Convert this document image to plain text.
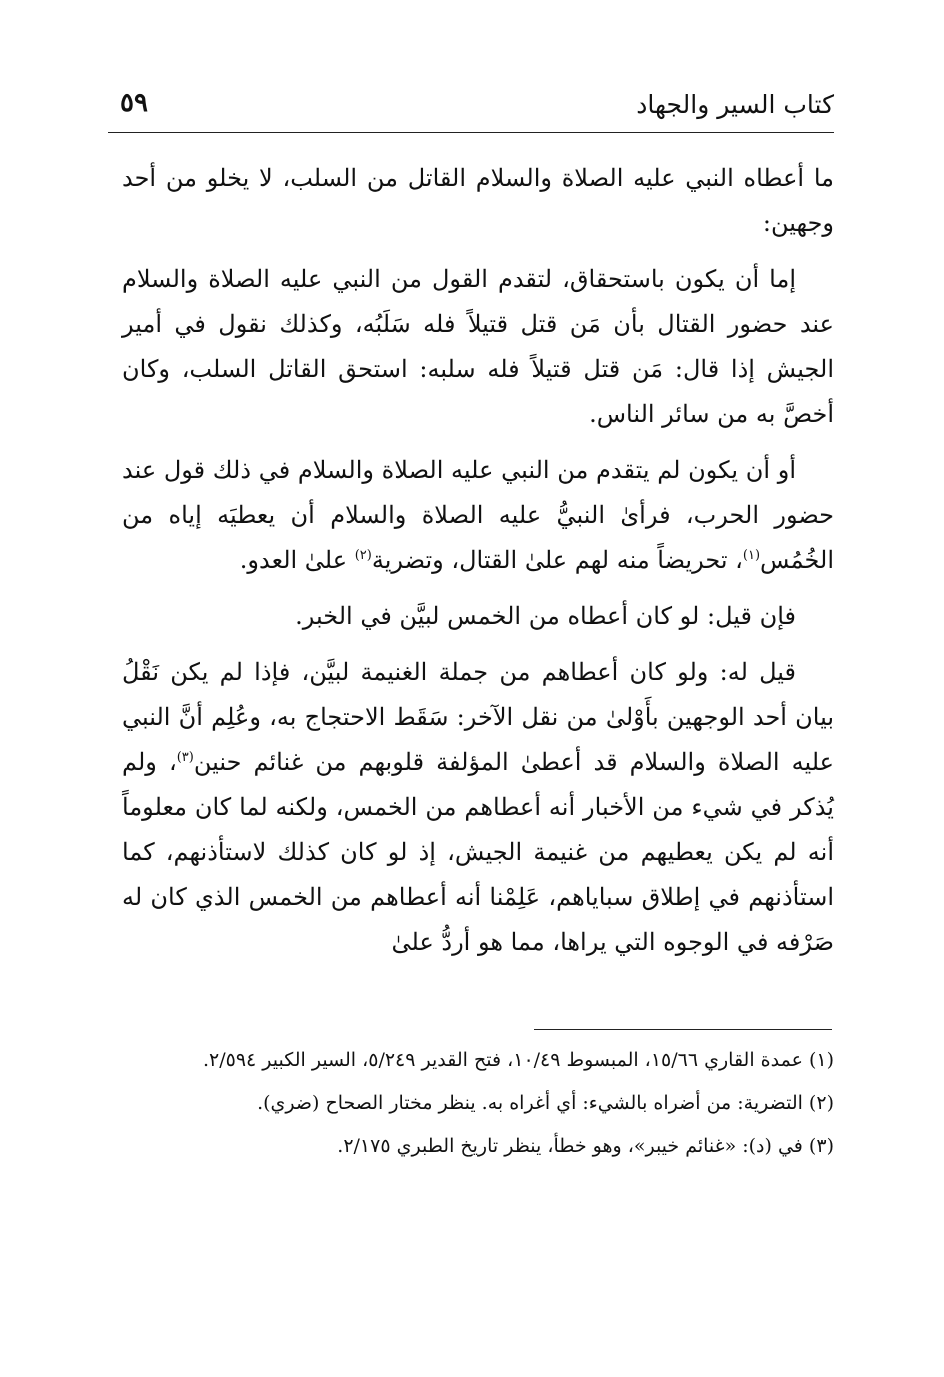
كتاب السير والجهاد
٥٩

ما أعطاه النبي عليه الصلاة والسلام القاتل من السلب، لا يخلو من أحد وجهين:

إما أن يكون باستحقاق، لتقدم القول من النبي عليه الصلاة والسلام عند حضور القتال بأن مَن قتل قتيلاً فله سَلَبُه، وكذلك نقول في أمير الجيش إذا قال: مَن قتل قتيلاً فله سلبه: استحق القاتل السلب، وكان أخصَّ به من سائر الناس.

أو أن يكون لم يتقدم من النبي عليه الصلاة والسلام في ذلك قول عند حضور الحرب، فرأىٰ النبيُّ عليه الصلاة والسلام أن يعطيَه إياه من الخُمُس$^{(١)}$، تحريضاً منه لهم علىٰ القتال، وتضرية$^{(٢)}$ علىٰ العدو.

فإن قيل: لو كان أعطاه من الخمس لبيَّن في الخبر.

قيل له: ولو كان أعطاهم من جملة الغنيمة لبيَّن، فإذا لم يكن نَقْلُ بيان أحد الوجهين بأَوْلىٰ من نقل الآخر: سَقَط الاحتجاج به، وعُلِم أنَّ النبي عليه الصلاة والسلام قد أعطىٰ المؤلفة قلوبهم من غنائم حنين$^{(٣)}$، ولم يُذكر في شيء من الأخبار أنه أعطاهم من الخمس، ولكنه لما كان معلوماً أنه لم يكن يعطيهم من غنيمة الجيش، إذ لو كان كذلك لاستأذنهم، كما استأذنهم في إطلاق سباياهم، عَلِمْنا أنه أعطاهم من الخمس الذي كان له صَرْفه في الوجوه التي يراها، مما هو أردُّ علىٰ

(١) عمدة القاري ١٥/٦٦، المبسوط ١٠/٤٩، فتح القدير ٥/٢٤٩، السير الكبير ٢/٥٩٤.

(٢) التضرية: من أضراه بالشيء: أي أغراه به. ينظر مختار الصحاح (ضري).

(٣) في (د): «غنائم خيبر»، وهو خطأ، ينظر تاريخ الطبري ٢/١٧٥.
